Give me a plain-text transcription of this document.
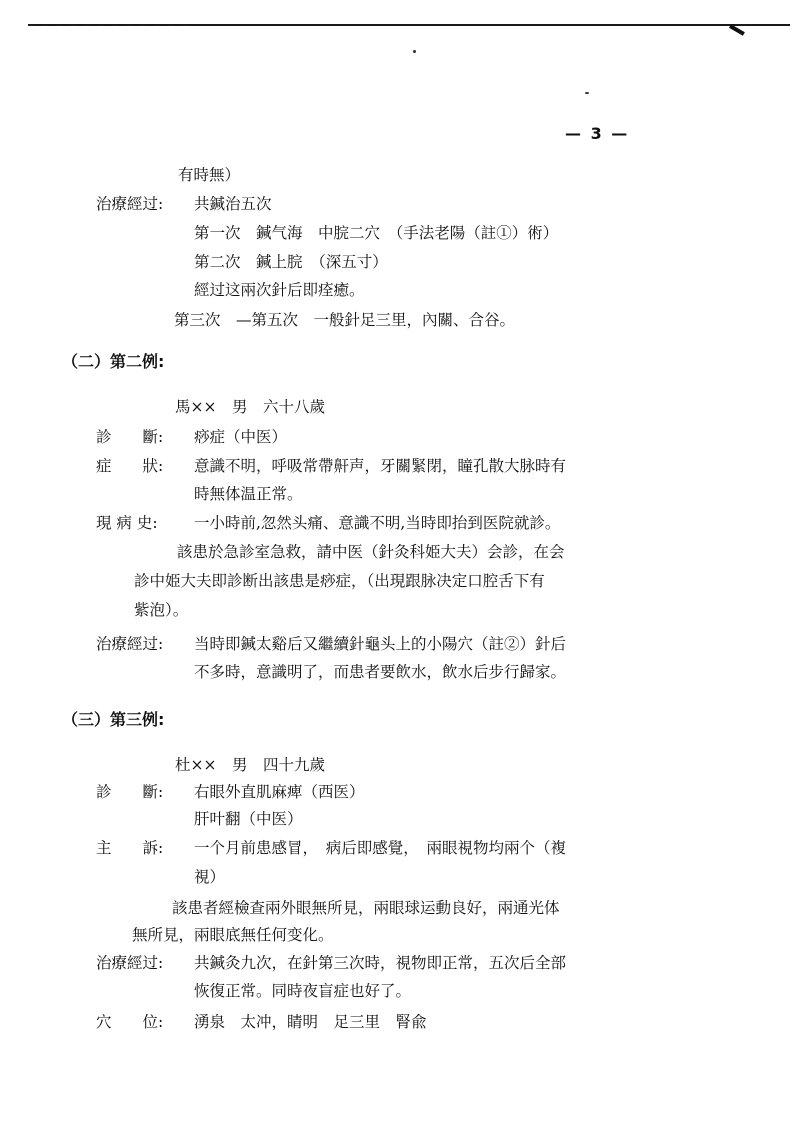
— 3 —
有時無）
治療經过: 共鍼治五次
第一次　鍼气海　中脘二穴　（手法老陽（註①）術）
第二次　鍼上脘　（深五寸）
經过这兩次針后即痊癒。
第三次　—第五次　一般針足三里，內關、合谷。
（二）第二例:
馬××　男　六十八歲
診　　斷: 痧症（中医）
症　　狀: 意識不明，呼吸常帶鼾声，牙關緊閉，瞳孔散大脉時有
時無体温正常。
現 病 史: 一小時前,忽然头痛、意識不明,当時即抬到医院就診。
該患於急診室急救，請中医（針灸科姫大夫）会診，在会
診中姫大夫即診断出該患是痧症，（出現跟脉决定口腔舌下有
紫泡）。
治療經过: 当時即鍼太谿后又繼續針龜头上的小陽穴（註②）針后
不多時，意識明了，而患者要飲水，飲水后步行歸家。
（三）第三例:
杜××　男　四十九歲
診　　斷: 右眼外直肌麻痺（西医）
肝叶翻（中医）
主　　訴: 一个月前患感冒，　病后即感覺，　兩眼視物均兩个（複
視）
該患者經檢查兩外眼無所見，兩眼球运動良好，兩通光体
無所見，兩眼底無任何变化。
治療經过: 共鍼灸九次，在針第三次時，視物即正常，五次后全部
恢復正常。同時夜盲症也好了。
穴　　位: 湧泉　太冲，睛明　足三里　腎兪
